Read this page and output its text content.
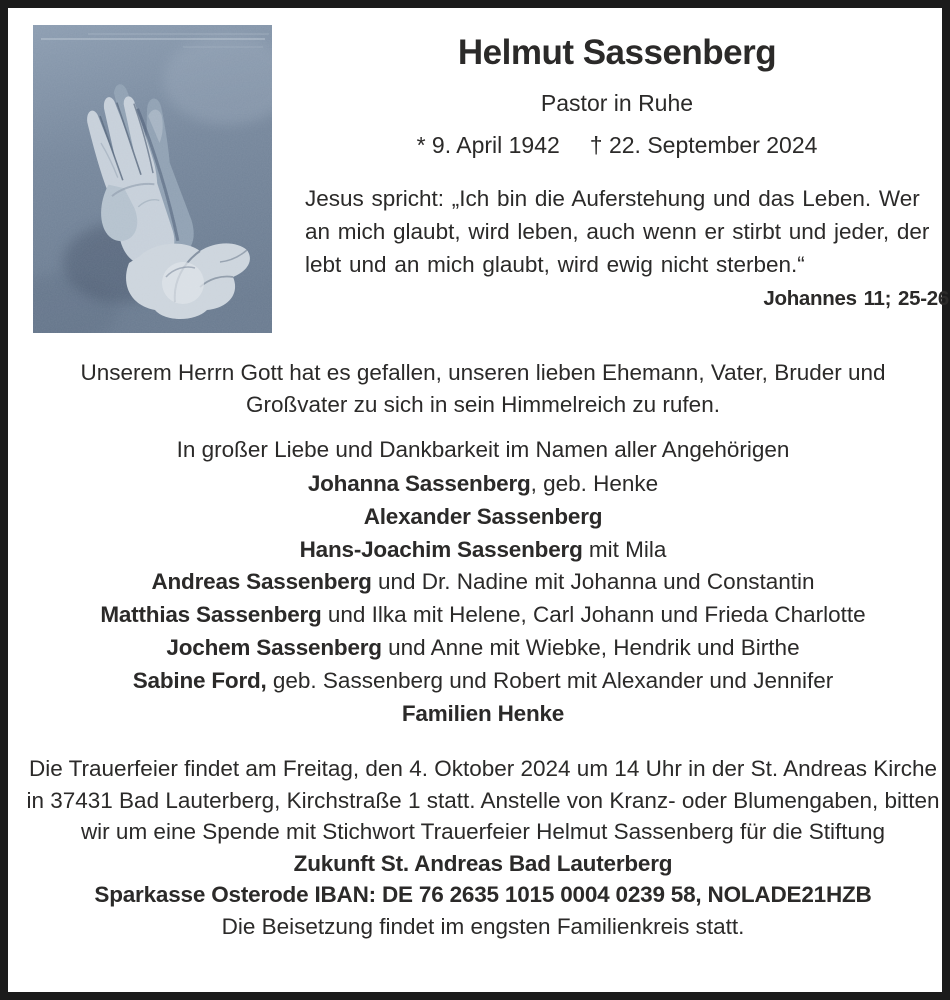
Helmut Sassenberg
Pastor in Ruhe
* 9. April 1942 † 22. September 2024
Jesus spricht: „Ich bin die Auferstehung und das Leben. Wer an mich glaubt, wird leben, auch wenn er stirbt und jeder, der lebt und an mich glaubt, wird ewig nicht sterben.“
Johannes 11; 25-26
Unserem Herrn Gott hat es gefallen, unseren lieben Ehemann, Vater, Bruder und Großvater zu sich in sein Himmelreich zu rufen.
In großer Liebe und Dankbarkeit im Namen aller Angehörigen
Johanna Sassenberg, geb. Henke
Alexander Sassenberg
Hans-Joachim Sassenberg mit Mila
Andreas Sassenberg und Dr. Nadine mit Johanna und Constantin
Matthias Sassenberg und Ilka mit Helene, Carl Johann und Frieda Charlotte
Jochem Sassenberg und Anne mit Wiebke, Hendrik und Birthe
Sabine Ford, geb. Sassenberg und Robert mit Alexander und Jennifer
Familien Henke
Die Trauerfeier findet am Freitag, den 4. Oktober 2024 um 14 Uhr in der St. Andreas Kirche in 37431 Bad Lauterberg, Kirchstraße 1 statt. Anstelle von Kranz- oder Blumengaben, bitten wir um eine Spende mit Stichwort Trauerfeier Helmut Sassenberg für die Stiftung
Zukunft St. Andreas Bad Lauterberg
Sparkasse Osterode IBAN: DE 76 2635 1015 0004 0239 58, NOLADE21HZB
Die Beisetzung findet im engsten Familienkreis statt.
